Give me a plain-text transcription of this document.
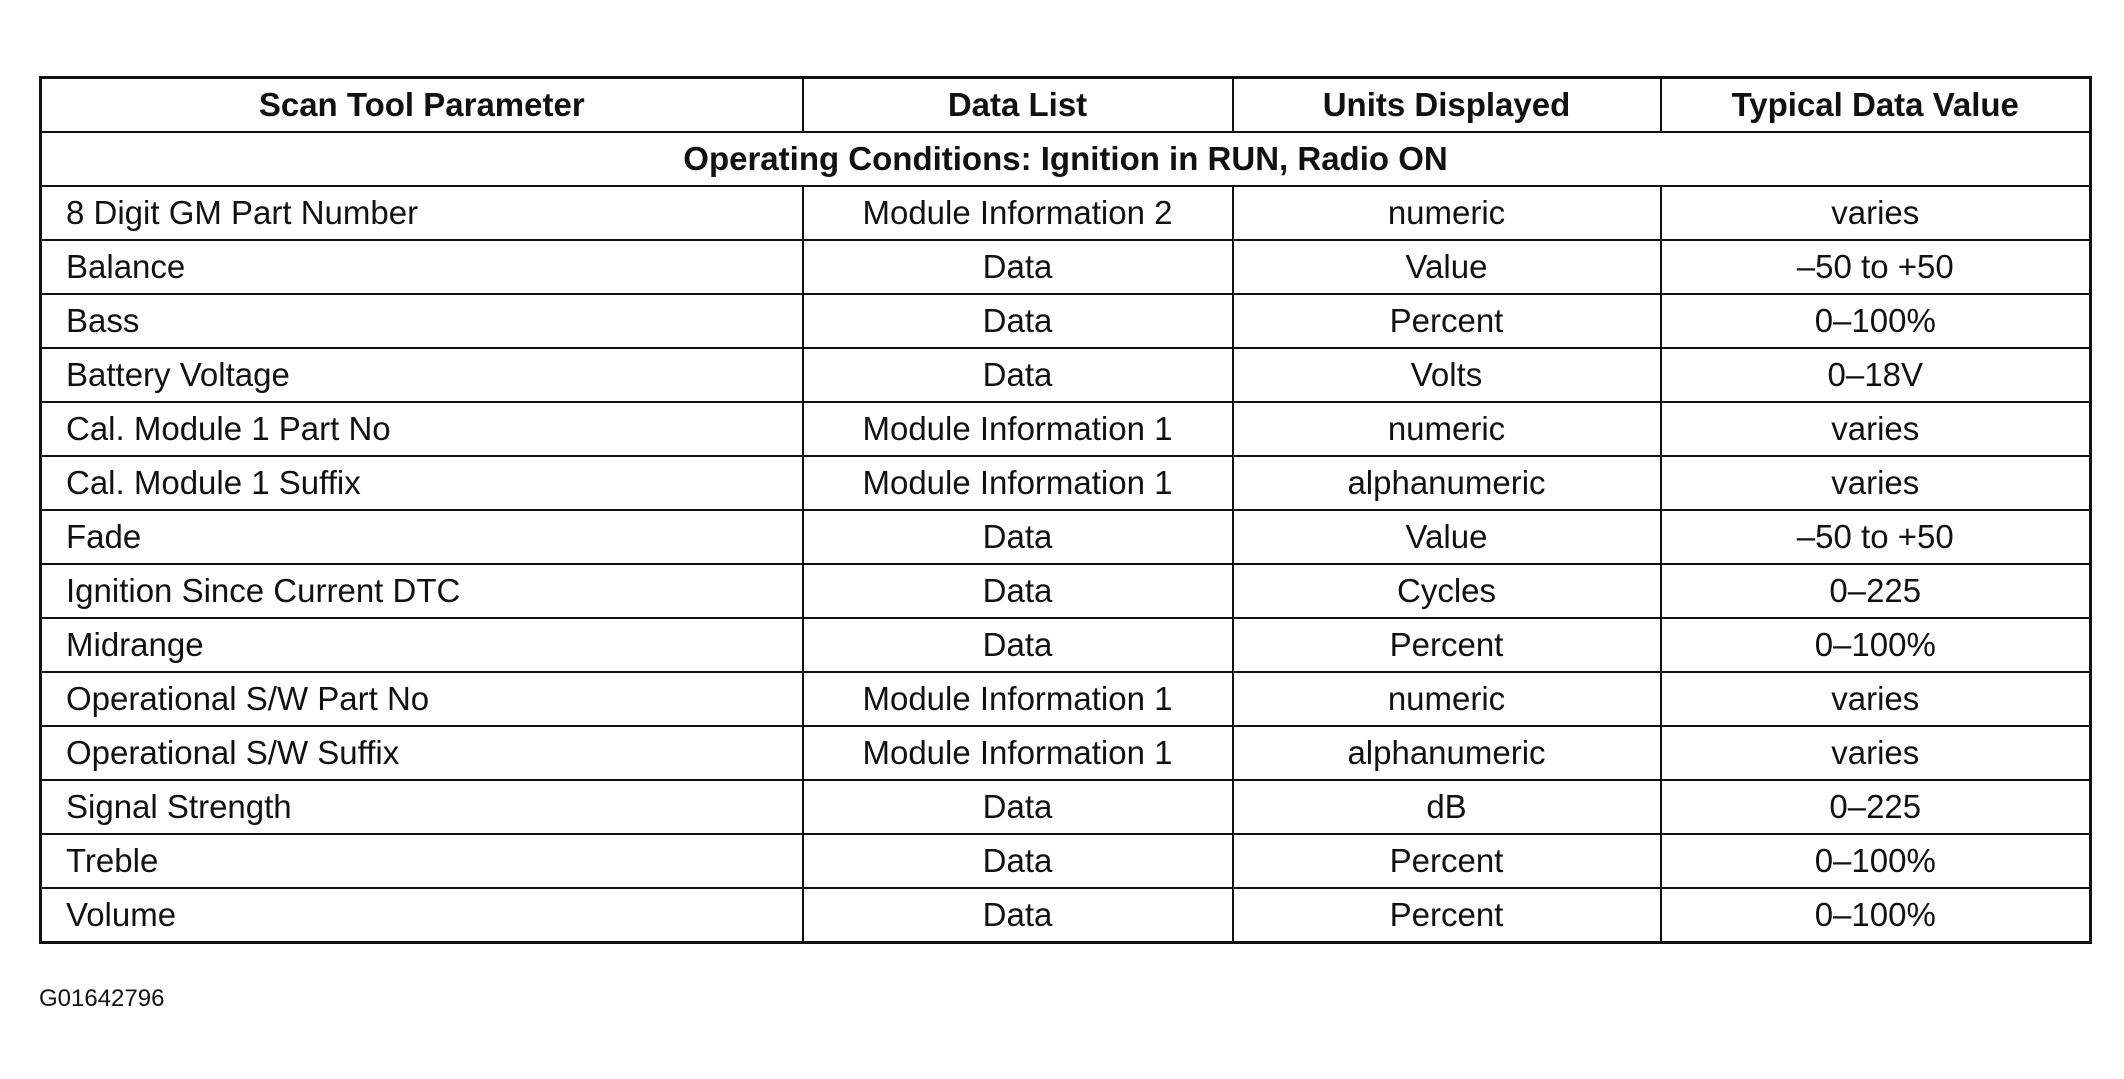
Scan Tool Parameter	Data List	Units Displayed	Typical Data Value
Operating Conditions: Ignition in RUN, Radio ON			
8 Digit GM Part Number	Module Information 2	numeric	varies
Balance	Data	Value	–50 to +50
Bass	Data	Percent	0–100%
Battery Voltage	Data	Volts	0–18V
Cal. Module 1 Part No	Module Information 1	numeric	varies
Cal. Module 1 Suffix	Module Information 1	alphanumeric	varies
Fade	Data	Value	–50 to +50
Ignition Since Current DTC	Data	Cycles	0–225
Midrange	Data	Percent	0–100%
Operational S/W Part No	Module Information 1	numeric	varies
Operational S/W Suffix	Module Information 1	alphanumeric	varies
Signal Strength	Data	dB	0–225
Treble	Data	Percent	0–100%
Volume	Data	Percent	0–100%
G01642796
